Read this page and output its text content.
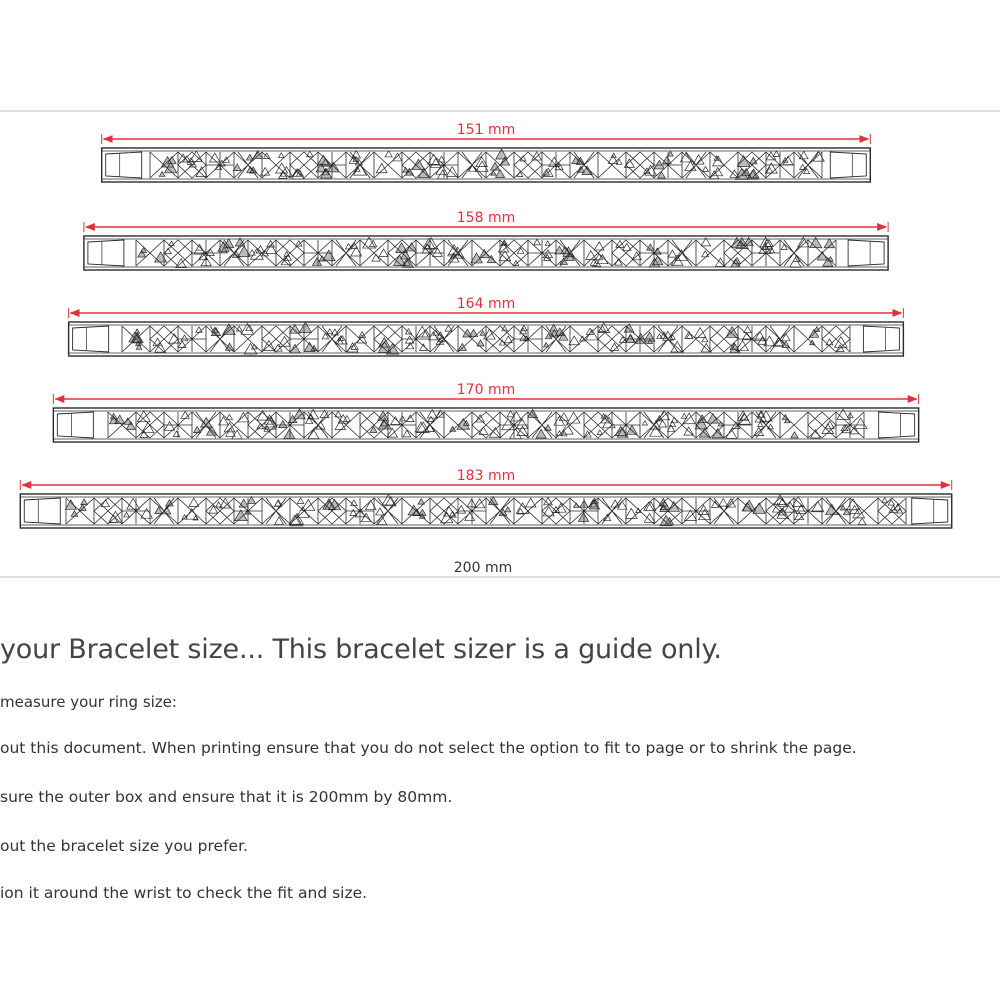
200 mm
151 mm
158 mm
164 mm
170 mm
183 mm
your Bracelet size... This bracelet sizer is a guide only.
measure your ring size:
out this document. When printing ensure that you do not select the option to fit to page or to shrink the page.
sure the outer box and ensure that it is 200mm by 80mm.
out the bracelet size you prefer.
ion it around the wrist to check the fit and size.
